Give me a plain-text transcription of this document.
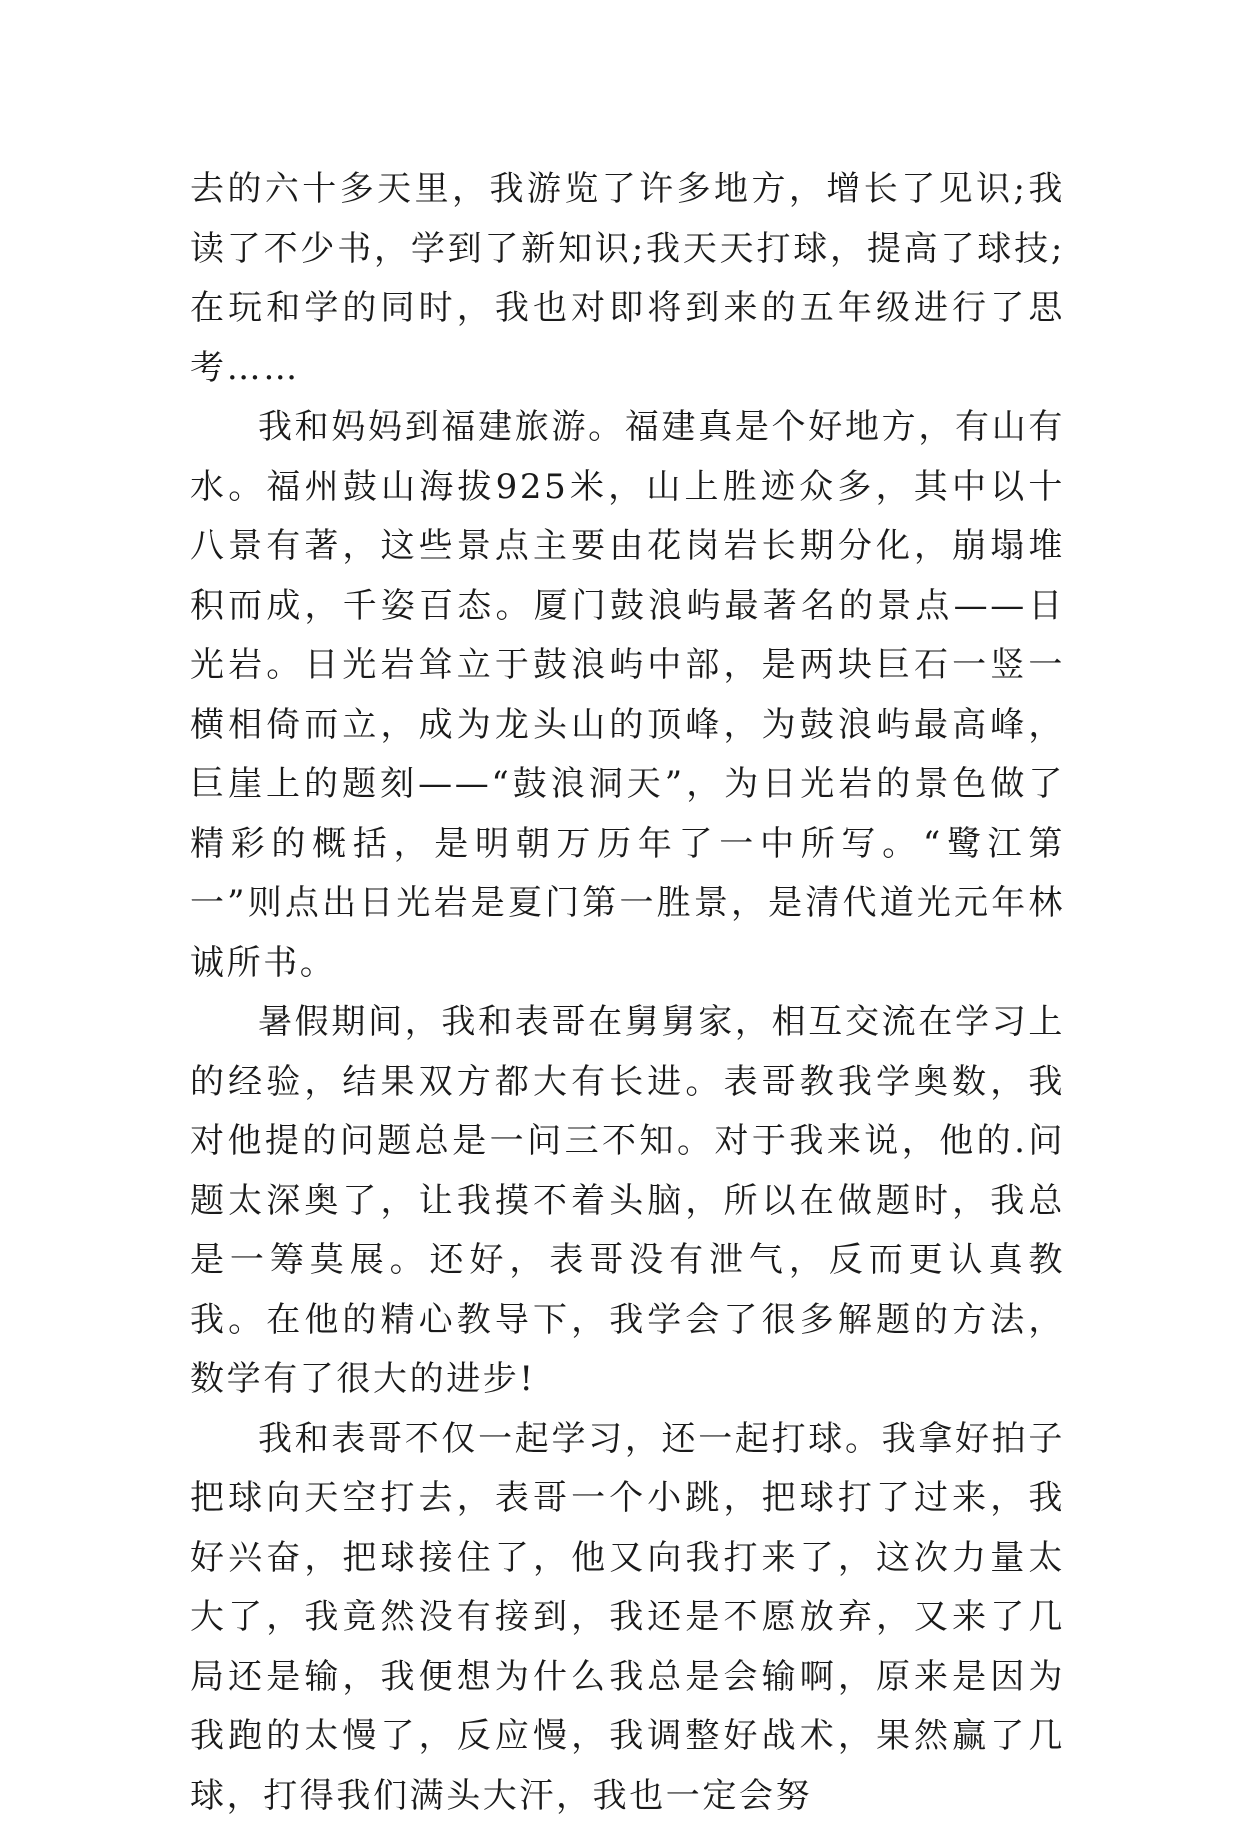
去的六十多天里，我游览了许多地方，增长了见识;我读了不少书，学到了新知识;我天天打球，提高了球技;在玩和学的同时，我也对即将到来的五年级进行了思考……

我和妈妈到福建旅游。福建真是个好地方，有山有水。福州鼓山海拔925米，山上胜迹众多，其中以十八景有著，这些景点主要由花岗岩长期分化，崩塌堆积而成，千姿百态。厦门鼓浪屿最著名的景点——日光岩。日光岩耸立于鼓浪屿中部，是两块巨石一竖一横相倚而立，成为龙头山的顶峰，为鼓浪屿最高峰，巨崖上的题刻——“鼓浪洞天”，为日光岩的景色做了精彩的概括，是明朝万历年了一中所写。“鹭江第一”则点出日光岩是夏门第一胜景，是清代道光元年林诚所书。

暑假期间，我和表哥在舅舅家，相互交流在学习上的经验，结果双方都大有长进。表哥教我学奥数，我对他提的问题总是一问三不知。对于我来说，他的.问题太深奥了，让我摸不着头脑，所以在做题时，我总是一筹莫展。还好，表哥没有泄气，反而更认真教我。在他的精心教导下，我学会了很多解题的方法，数学有了很大的进步!

我和表哥不仅一起学习，还一起打球。我拿好拍子把球向天空打去，表哥一个小跳，把球打了过来，我好兴奋，把球接住了，他又向我打来了，这次力量太大了，我竟然没有接到，我还是不愿放弃，又来了几局还是输，我便想为什么我总是会输啊，原来是因为我跑的太慢了，反应慢，我调整好战术，果然赢了几球，打得我们满头大汗，我也一定会努
